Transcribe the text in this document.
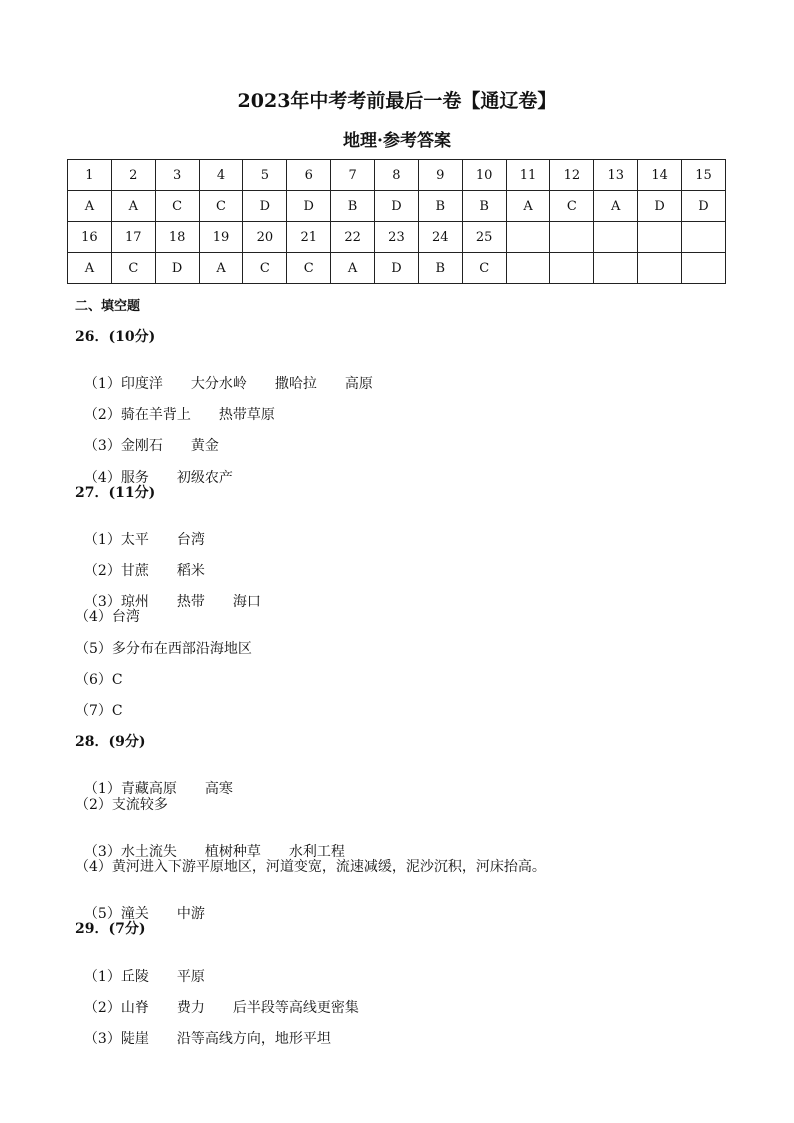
2023年中考考前最后一卷【通辽卷】
地理·参考答案
1	2	3	4	5	6	7	8	9	10	11	12	13	14	15
A	A	C	C	D	D	B	D	B	B	A	C	A	D	D
16	17	18	19	20	21	22	23	24	25					
A	C	D	A	C	C	A	D	B	C					
二、填空题
26．(10分)

（1）印度洋 大分水岭 撒哈拉 高原

（2）骑在羊背上 热带草原

（3）金刚石 黄金

（4）服务 初级农产

27．(11分)

（1）太平 台湾

（2）甘蔗 稻米

（3）琼州 热带 海口

（4）台湾
（5）多分布在西部沿海地区
（6）C
（7）C
28．(9分)

（1）青藏高原 高寒

（2）支流较多

（3）水土流失 植树种草 水利工程

（4）黄河进入下游平原地区，河道变宽，流速减缓，泥沙沉积，河床抬高。

（5）潼关 中游

29．(7分)

（1）丘陵 平原

（2）山脊 费力 后半段等高线更密集

（3）陡崖 沿等高线方向，地形平坦
